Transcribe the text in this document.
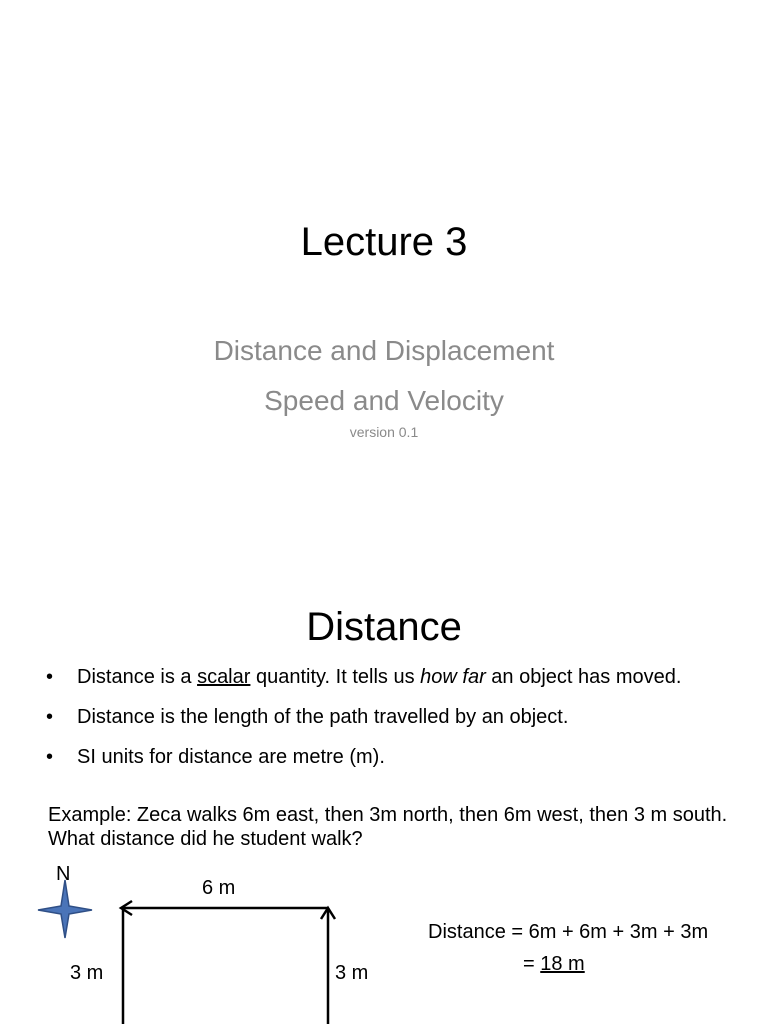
Lecture 3
Distance and Displacement
Speed and Velocity
version 0.1
Distance
• Distance is a scalar quantity. It tells us how far an object has moved.
• Distance is the length of the path travelled by an object.
• SI units for distance are metre (m).
Example: Zeca walks 6m east, then 3m north, then 6m west, then 3 m south. What distance did he student walk?
N
6 m
3 m	3 m
Distance = 6m + 6m + 3m + 3m
= 18 m
